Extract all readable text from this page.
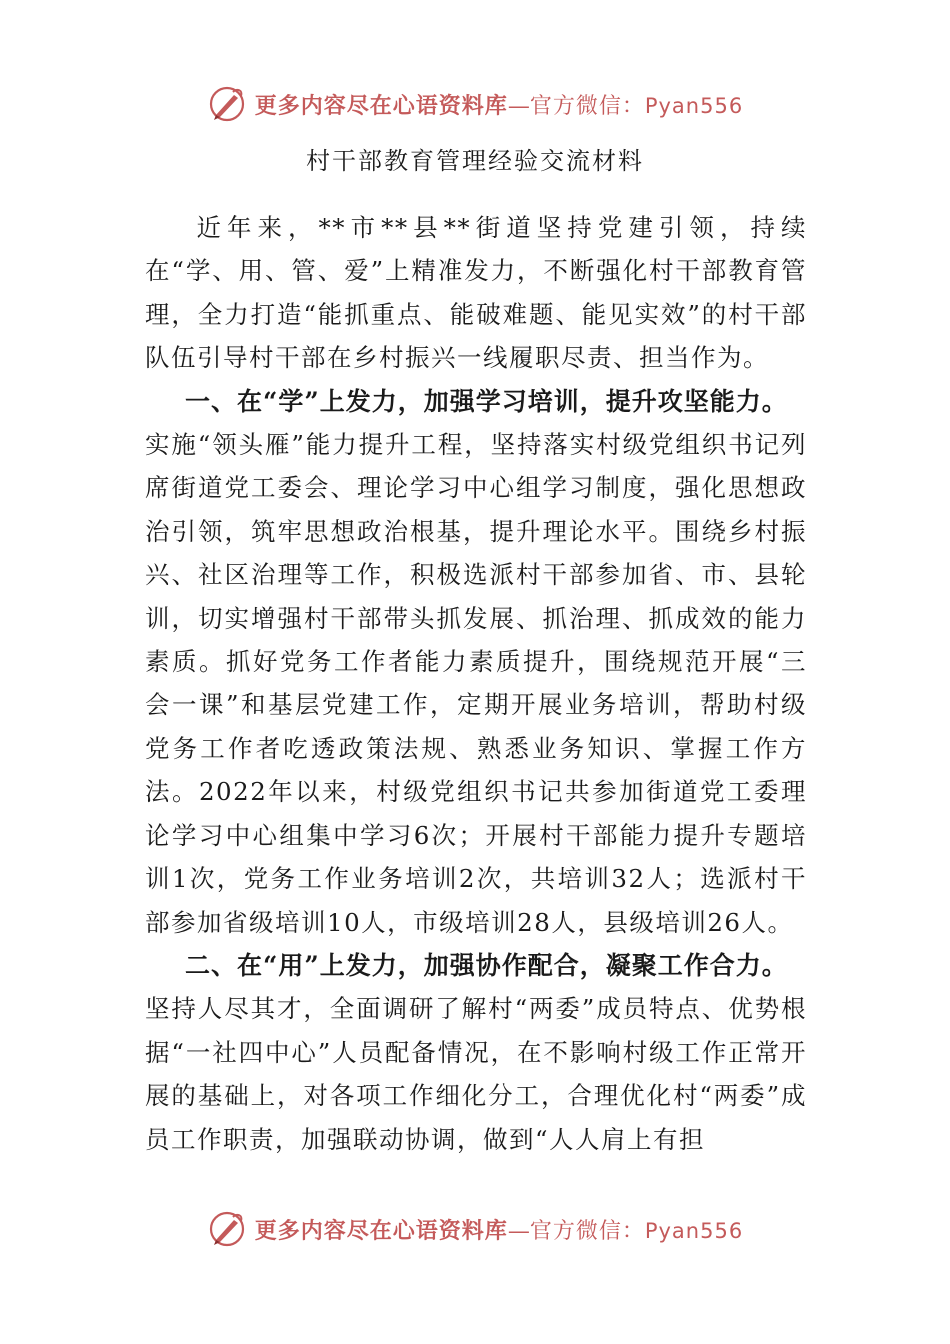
更多内容尽在心语资料库—官方微信：Pyan556
村干部教育管理经验交流材料

近年来，**市**县**街道坚持党建引领，持续在“学、用、管、爱”上精准发力，不断强化村干部教育管理，全力打造“能抓重点、能破难题、能见实效”的村干部队伍引导村干部在乡村振兴一线履职尽责、担当作为。

一、在“学”上发力，加强学习培训，提升攻坚能力。

实施“领头雁”能力提升工程，坚持落实村级党组织书记列席街道党工委会、理论学习中心组学习制度，强化思想政治引领，筑牢思想政治根基，提升理论水平。围绕乡村振兴、社区治理等工作，积极选派村干部参加省、市、县轮训，切实增强村干部带头抓发展、抓治理、抓成效的能力素质。抓好党务工作者能力素质提升，围绕规范开展“三会一课”和基层党建工作，定期开展业务培训，帮助村级党务工作者吃透政策法规、熟悉业务知识、掌握工作方法。2022年以来，村级党组织书记共参加街道党工委理论学习中心组集中学习6次；开展村干部能力提升专题培训1次，党务工作业务培训2次，共培训32人；选派村干部参加省级培训10人，市级培训28人，县级培训26人。

二、在“用”上发力，加强协作配合，凝聚工作合力。

坚持人尽其才，全面调研了解村“两委”成员特点、优势根据“一社四中心”人员配备情况，在不影响村级工作正常开展的基础上，对各项工作细化分工，合理优化村“两委”成员工作职责，加强联动协调，做到“人人肩上有担

更多内容尽在心语资料库—官方微信：Pyan556
